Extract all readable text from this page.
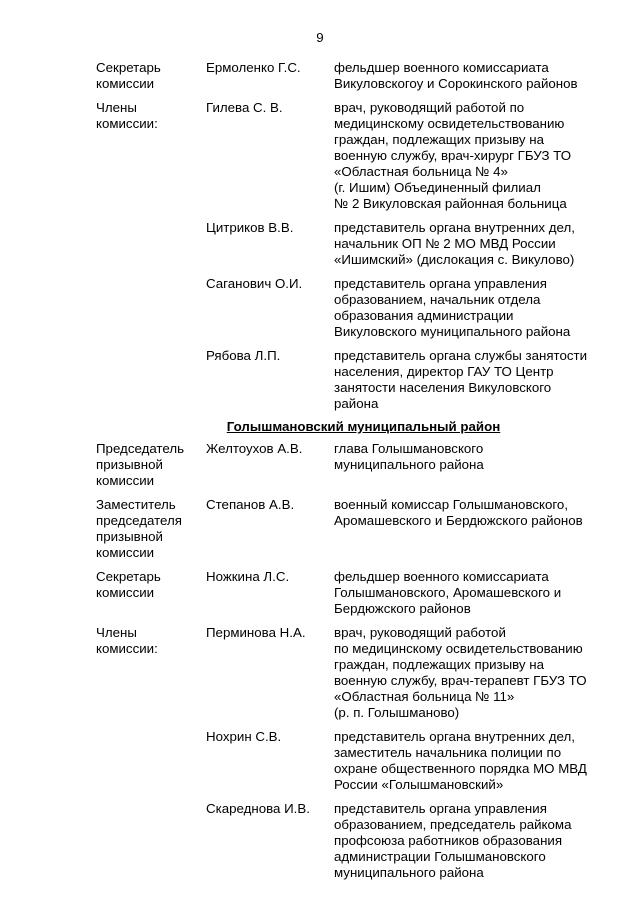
9
Секретарь
комиссии
Ермоленко Г.С.	фельдшер военного комиссариата
Викуловскогоу и Сорокинского районов
Члены
комиссии:
Гилева С. В.	врач, руководящий работой по
медицинскому освидетельствованию
граждан, подлежащих призыву на
военную службу, врач-хирург ГБУЗ ТО
«Областная больница № 4»
(г. Ишим) Объединенный филиал
№ 2 Викуловская районная больница
Цитриков В.В.	представитель органа внутренних дел,
начальник ОП № 2 МО МВД России
«Ишимский» (дислокация с. Викулово)
Саганович О.И.	представитель органа управления
образованием, начальник отдела
образования администрации
Викуловского муниципального района
Рябова Л.П.	представитель органа службы занятости
населения, директор ГАУ ТО Центр
занятости населения Викуловского
района
Голышмановский муниципальный район
Председатель
призывной
комиссии
Желтоухов А.В.	глава Голышмановского
муниципального района
Заместитель
председателя
призывной
комиссии
Степанов А.В.	военный комиссар Голышмановского,
Аромашевского и Бердюжского районов
Секретарь
комиссии
Ножкина Л.С.	фельдшер военного комиссариата
Голышмановского, Аромашевского и
Бердюжского районов
Члены
комиссии:
Перминова Н.А.	врач, руководящий работой
по медицинскому освидетельствованию
граждан, подлежащих призыву на
военную службу, врач-терапевт ГБУЗ ТО
«Областная больница № 11»
(р. п. Голышманово)
Нохрин С.В.	представитель органа внутренних дел,
заместитель начальника полиции по
охране общественного порядка МО МВД
России «Голышмановский»
Скареднова И.В.	представитель органа управления
образованием, председатель райкома
профсоюза работников образования
администрации Голышмановского
муниципального района
